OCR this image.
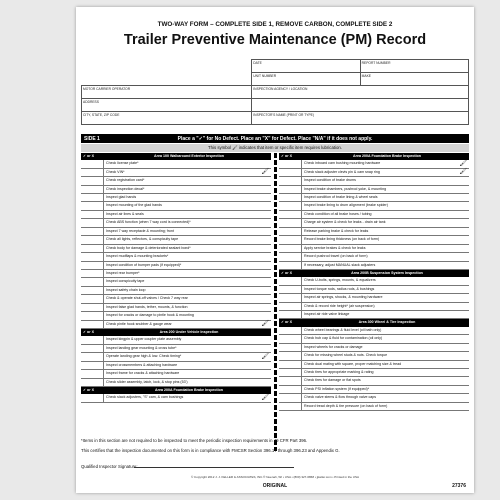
TWO-WAY FORM – COMPLETE SIDE 1, REMOVE CARBON, COMPLETE SIDE 2
Trailer Preventive Maintenance (PM) Record
	DATE	REPORT NUMBER
	UNIT NUMBER	MAKE
MOTOR CARRIER OPERATOR	INSPECTION AGENCY / LOCATION	
ADDRESS		
CITY, STATE, ZIP CODE	INSPECTOR'S NAME (PRINT OR TYPE)	
SIDE 1	Place a "✓" for No Defect. Place an "X" for Defect. Place "N/A" if it does not apply.
This symbol 🖌 indicates that item or specific item requires lubrication.
✓ or X	Area 100 Walkaround Exterior Inspection
Check license plate*
Check VIN*	🖌
Check registration card*
Check inspection decal*
Inspect glad hands
Inspect mounting of the glad hands
Inspect air lines & seals
Check ABS function (when 7 way cord is connected)*
Inspect 7 way receptacle & mounting; front
Check all lights, reflectors, & conspicuity tape
Check body for damage & deteriorated sealant bond*
Inspect mudflaps & mounting brackets*
Inspect condition of bumper pads (if equipped)*
Inspect rear bumper*
Inspect conspicuity tape
Inspect safety chain loop
Check & operate shut-off valves / Check 7 way rear
Inspect false glad hands, tether, mounts, & function
Inspect for cracks or damage to pintle hook & mounting
Check pintle hook snubber & gauge wear	🖌
✓ or X	Area 200 Under Vehicle Inspection
Inspect kingpin & upper coupler plate assembly
Inspect landing gear mounting & cross tube*
Operate landing gear high & low. Check timing*	🖌
Inspect crossmembers & attaching hardware
Inspect frame for cracks & attaching hardware
Check slider assembly, latch, lock, & stop pins (53')
✓ or X	Area 200A Foundation Brake Inspection
Check slack adjusters, "S" cam, & cam bushings	🖌
✓ or X	Area 200A Foundation Brake Inspection
Check inboard cam bushing mounting hardware	🖌
Check slack adjuster clevis pin & cam snap ring	🖌
Inspect condition of brake drums
Inspect brake chambers, pushrod yoke, & mounting
Inspect condition of brake lining & wheel seals
Inspect brake lining to drum alignment (brake spider)
Check condition of all brake hoses / tubing
Charge air system & check for leaks - drain air tank
Release parking brake & check for leaks
Record brake lining thickness (on back of form)
Apply service brakes & check for leaks
Record pushrod travel (on back of form)
If necessary, adjust MANUAL slack adjusters
✓ or X	Area 200B Suspension System Inspection
Check U-bolts, springs, mounts, & equalizers
Inspect torque rods, radius rods, & bushings
Inspect air springs, shocks, & mounting hardware
Check & record ride height* (air suspension)
Inspect air ride valve linkage
✓ or X	Area 300 Wheel & Tire Inspection
Check wheel bearings & fluid level (oil bath only)
Check hub cap & fluid for contamination (oil only)
Inspect wheels for cracks or damage
Check for missing wheel studs & nuts. Check torque
Check dual mating with square, proper matching size & tread
Check tires for appropriate marking & rating
Check tires for damage or flat spots
Check PSI inflation system (if equipped)*
Check valve stems & flow through valve caps
Record tread depth & tire pressure (on back of form)
*Items in this section are not required to be inspected to meet the periodic inspection requirements in 49 CFR Part 396.
This certifies that the inspection documented on this form is in compliance with FMCSR Section 396.17 through 396.23 and Appendix G.
Qualified Inspector Signature:
© Copyright 2012 J. J. KELLER & ASSOCIATES, INC.® Neenah, WI • USA • (800) 327-6868 • jjkeller.com • Printed in the USA
ORIGINAL	27376
